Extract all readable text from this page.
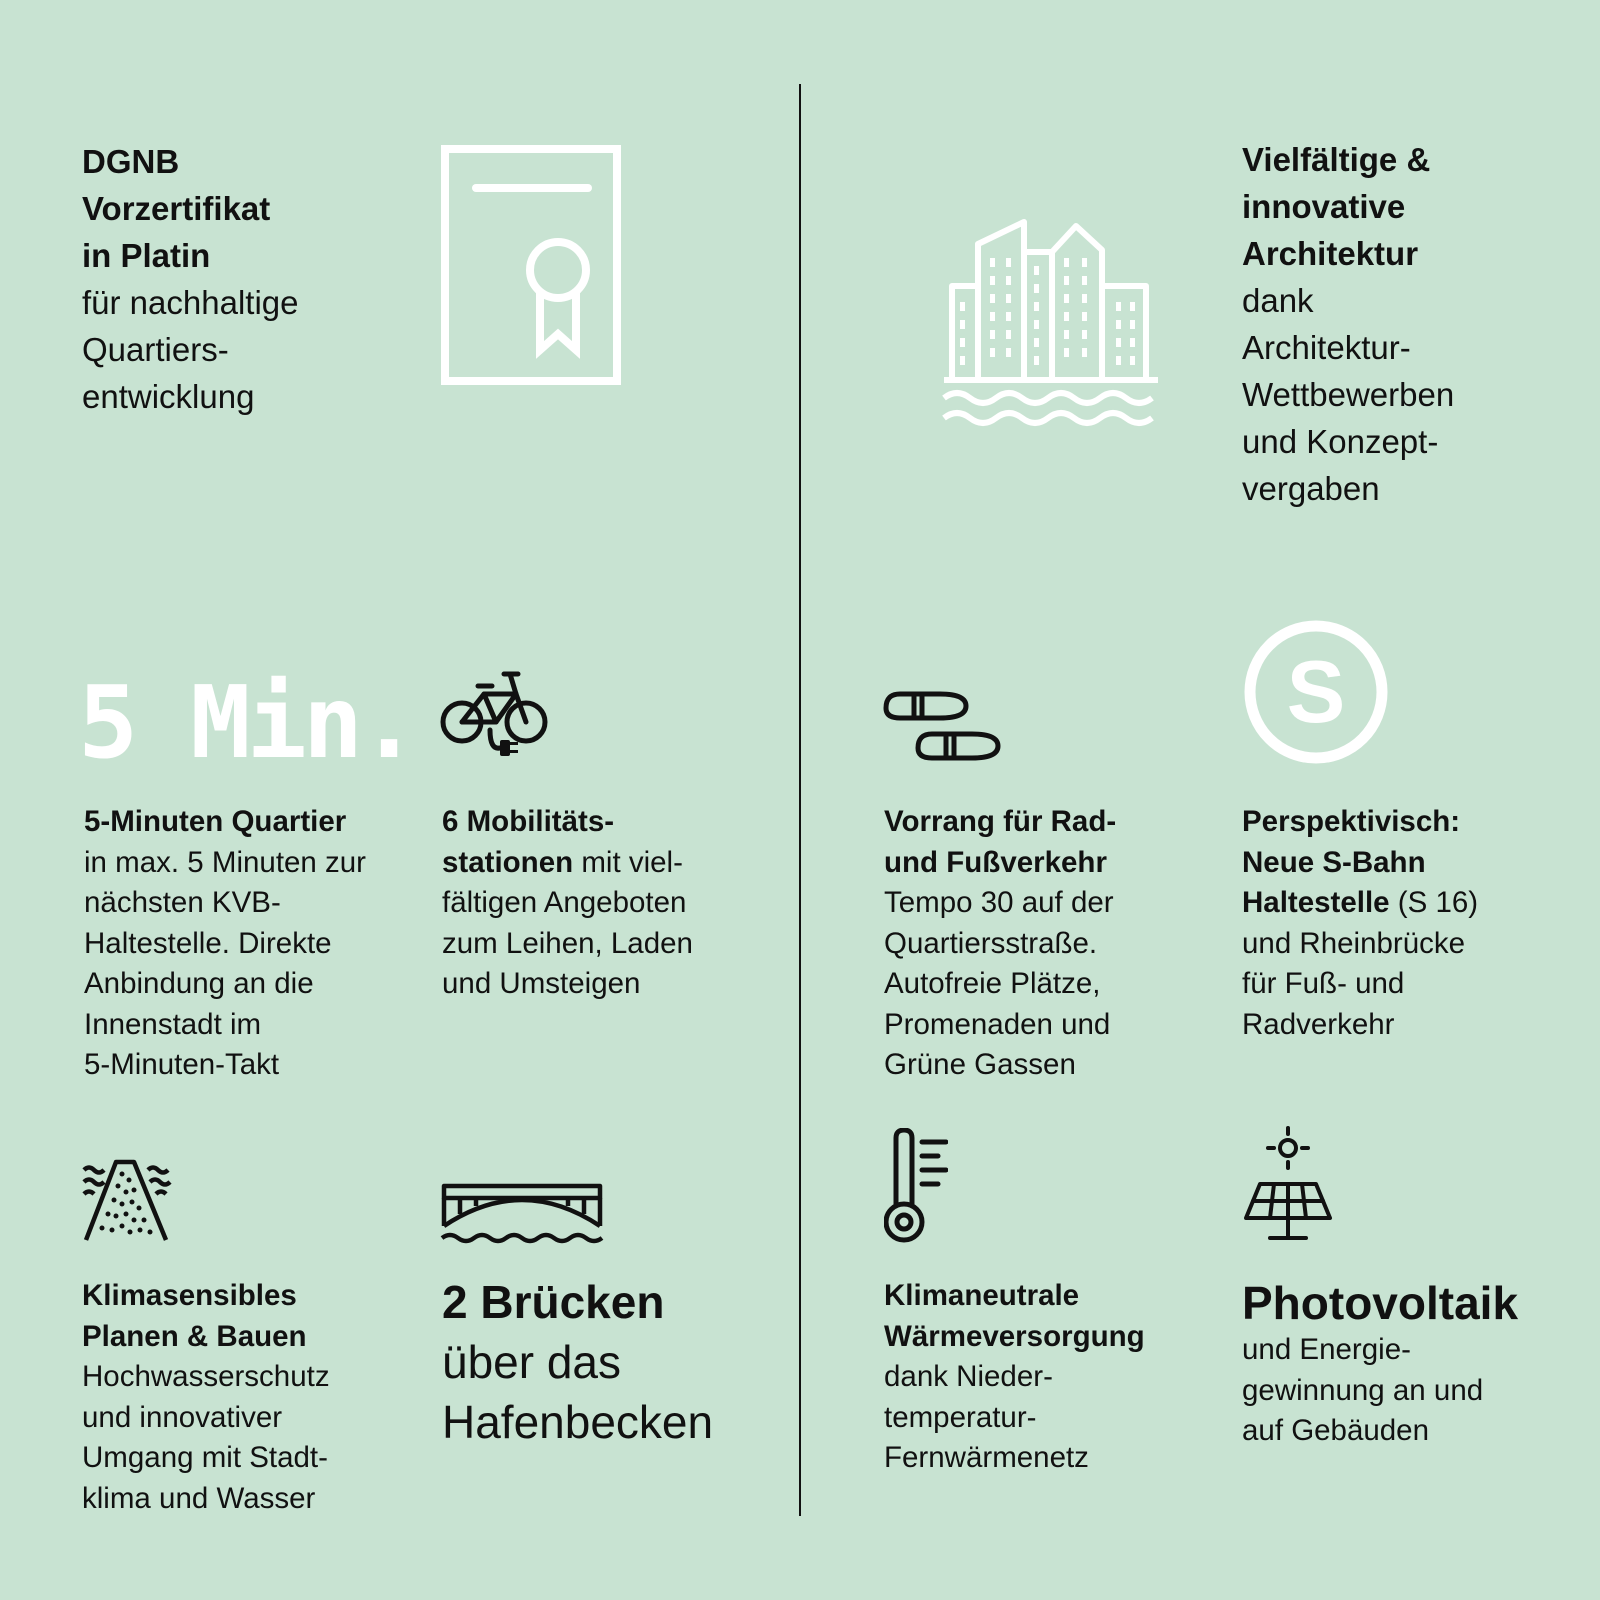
DGNB
Vorzertifikat
in Platin
für nachhaltige
Quartiers-
entwicklung
Vielfältige &
innovative
Architektur
dank
Architektur-
Wettbewerben
und Konzept-
vergaben
5 Min.
5-Minuten Quartier
in max. 5 Minuten zur
nächsten KVB-
Haltestelle. Direkte
Anbindung an die
Innenstadt im
5-Minuten-Takt
6 Mobilitäts-
stationen mit viel-
fältigen Angeboten
zum Leihen, Laden
und Umsteigen
Vorrang für Rad-
und Fußverkehr
Tempo 30 auf der
Quartiersstraße.
Autofreie Plätze,
Promenaden und
Grüne Gassen
S
Perspektivisch:
Neue S-Bahn
Haltestelle (S 16)
und Rheinbrücke
für Fuß- und
Radverkehr
Klimasensibles
Planen & Bauen
Hochwasserschutz
und innovativer
Umgang mit Stadt-
klima und Wasser
2 Brücken
über das
Hafenbecken
Klimaneutrale
Wärmeversorgung
dank Nieder-
temperatur-
Fernwärmenetz
Photovoltaik
und Energie-
gewinnung an und
auf Gebäuden
